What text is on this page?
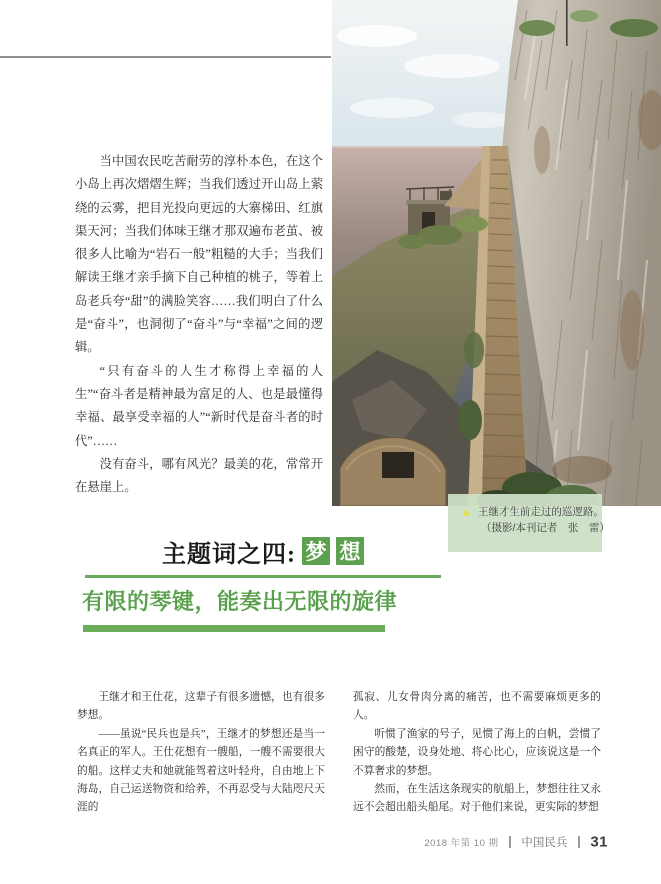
▲ 王继才生前走过的巡逻路。
（摄影/本刊记者　张　雷）

当中国农民吃苦耐劳的淳朴本色，在这个小岛上再次熠熠生辉；当我们透过开山岛上萦绕的云雾，把目光投向更远的大寨梯田、红旗渠天河；当我们体味王继才那双遍布老茧、被很多人比喻为“岩石一般”粗糙的大手；当我们解读王继才亲手摘下自己种植的桃子，等着上岛老兵夸“甜”的满脸笑容……我们明白了什么是“奋斗”，也洞彻了“奋斗”与“幸福”之间的逻辑。

“只有奋斗的人生才称得上幸福的人生”“奋斗者是精神最为富足的人、也是最懂得幸福、最享受幸福的人”“新时代是奋斗者的时代”……

没有奋斗，哪有风光？最美的花，常常开在悬崖上。

主题词之四: 梦 想
有限的琴键，能奏出无限的旋律

王继才和王仕花，这辈子有很多遗憾，也有很多梦想。

——虽说“民兵也是兵”，王继才的梦想还是当一名真正的军人。王仕花想有一艘船，一艘不需要很大的船。这样丈夫和她就能驾着这叶轻舟，自由地上下海岛，自己运送物资和给养，不再忍受与大陆咫尺天涯的

孤寂、儿女骨肉分离的痛苦，也不需要麻烦更多的人。

听惯了渔家的号子，见惯了海上的白帆，尝惯了困守的酸楚，设身处地、将心比心，应该说这是一个不算奢求的梦想。

然而，在生活这条现实的航船上，梦想往往又永远不会超出船头船尾。对于他们来说，更实际的梦想

2018 年第 10 期 中国民兵 31
